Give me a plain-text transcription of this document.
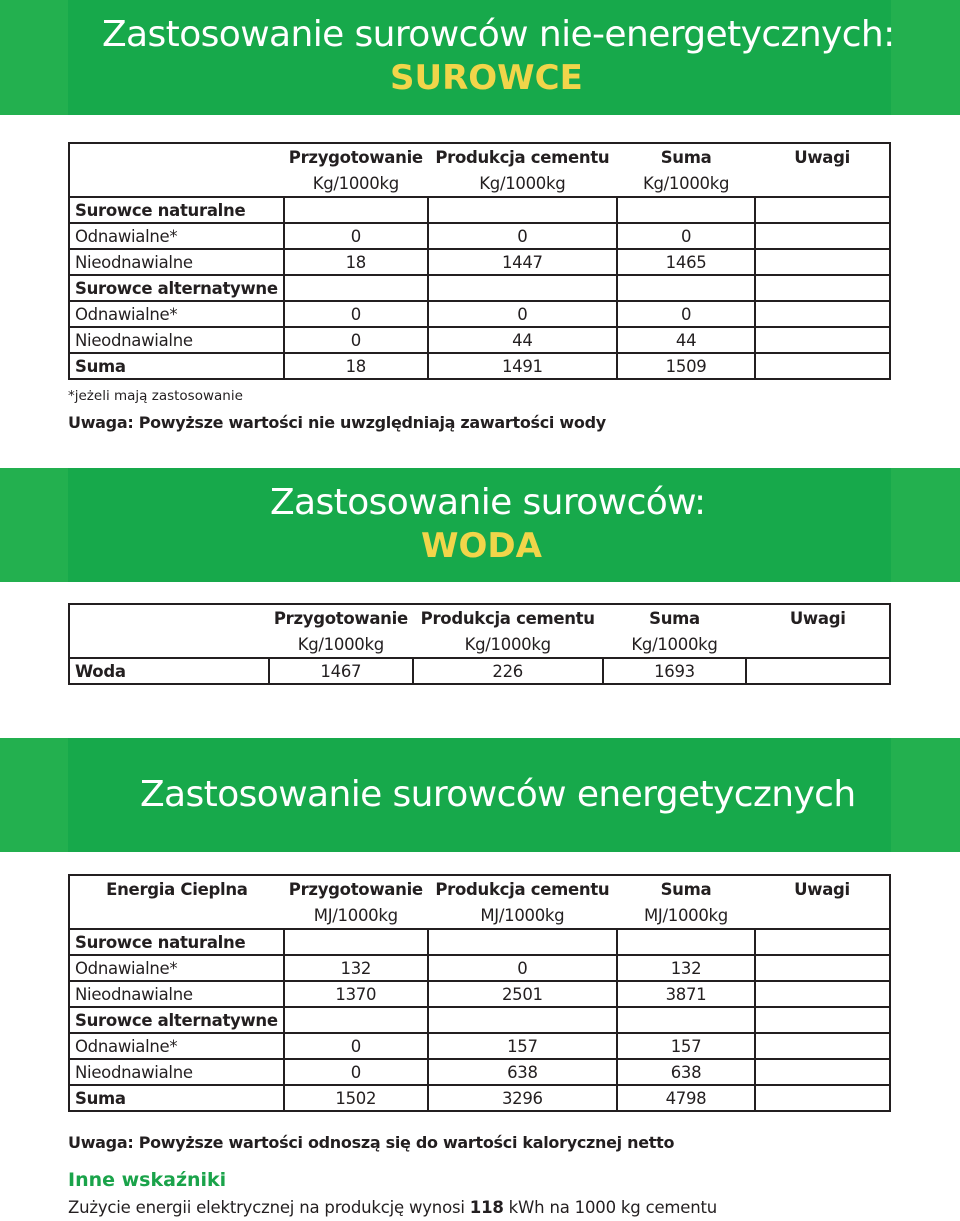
Zastosowanie surowców nie-energetycznych:
SUROWCE
	Przygotowanie	Produkcja cementu	Suma	Uwagi
	Kg/1000kg	Kg/1000kg	Kg/1000kg	
Surowce naturalne				
Odnawialne*	0	0	0	
Nieodnawialne	18	1447	1465	
Surowce alternatywne				
Odnawialne*	0	0	0	
Nieodnawialne	0	44	44	
Suma	18	1491	1509	
*jeżeli mają zastosowanie
Uwaga: Powyższe wartości nie uwzględniają zawartości wody
Zastosowanie surowców:
WODA
	Przygotowanie	Produkcja cementu	Suma	Uwagi
	Kg/1000kg	Kg/1000kg	Kg/1000kg	
Woda	1467	226	1693	
Zastosowanie surowców energetycznych
Energia Cieplna	Przygotowanie	Produkcja cementu	Suma	Uwagi
	MJ/1000kg	MJ/1000kg	MJ/1000kg	
Surowce naturalne				
Odnawialne*	132	0	132	
Nieodnawialne	1370	2501	3871	
Surowce alternatywne				
Odnawialne*	0	157	157	
Nieodnawialne	0	638	638	
Suma	1502	3296	4798	
Uwaga: Powyższe wartości odnoszą się do wartości kalorycznej netto
Inne wskaźniki
Zużycie energii elektrycznej na produkcję wynosi 118 kWh na 1000 kg cementu
